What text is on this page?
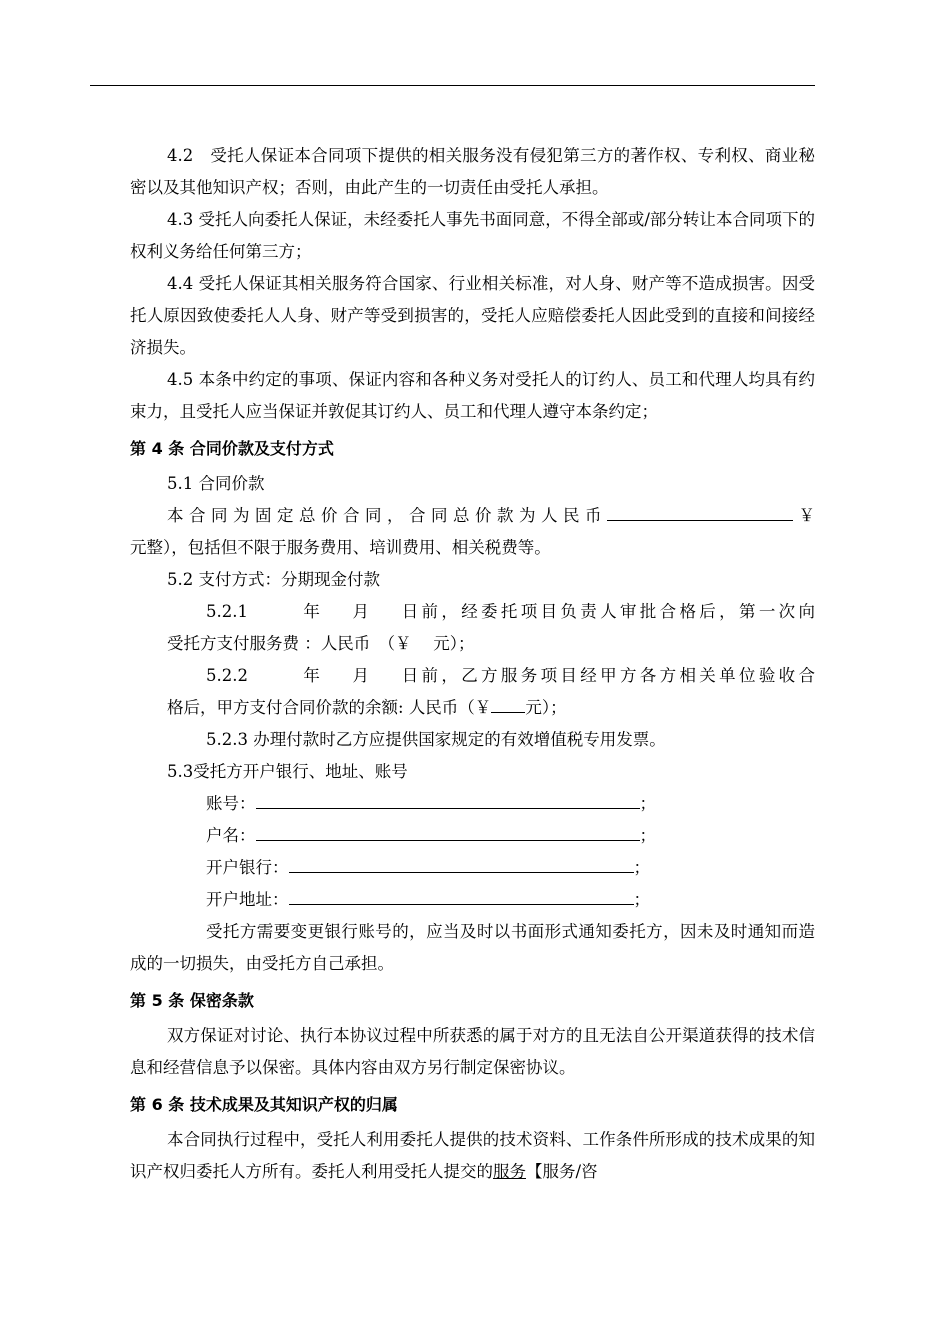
4.2　受托人保证本合同项下提供的相关服务没有侵犯第三方的著作权、专利权、商业秘密以及其他知识产权；否则，由此产生的一切责任由受托人承担。

4.3 受托人向委托人保证，未经委托人事先书面同意，不得全部或/部分转让本合同项下的权利义务给任何第三方；

4.4 受托人保证其相关服务符合国家、行业相关标准，对人身、财产等不造成损害。因受托人原因致使委托人人身、财产等受到损害的，受托人应赔偿委托人因此受到的直接和间接经济损失。

4.5 本条中约定的事项、保证内容和各种义务对受托人的订约人、员工和代理人均具有约束力，且受托人应当保证并敦促其订约人、员工和代理人遵守本条约定；

第 4 条 合同价款及支付方式

5.1 合同价款

本合同为固定总价合同，合同总价款为人民币	￥

元整），包括但不限于服务费用、培训费用、相关税费等。

5.2 支付方式：分期现金付款

5.2.1	年 月 日前，经委托项目负责人审批合格后，第一次向

受托方支付服务费 ：人民币　（￥　 元）；

5.2.2	年 月 日前，乙方服务项目经甲方各方相关单位验收合

格后，甲方支付合同价款的余额: 人民币（￥ 元）；

5.2.3 办理付款时乙方应提供国家规定的有效增值税专用发票。

5.3受托方开户银行、地址、账号

账号：	；

户名：	；

开户银行：	；

开户地址：	；

受托方需要变更银行账号的，应当及时以书面形式通知委托方，因未及时通知而造成的一切损失，由受托方自己承担。

第 5 条 保密条款

双方保证对讨论、执行本协议过程中所获悉的属于对方的且无法自公开渠道获得的技术信息和经营信息予以保密。具体内容由双方另行制定保密协议。

第 6 条 技术成果及其知识产权的归属

本合同执行过程中，受托人利用委托人提供的技术资料、工作条件所形成的技术成果的知识产权归委托人方所有。委托人利用受托人提交的服务【服务/咨
